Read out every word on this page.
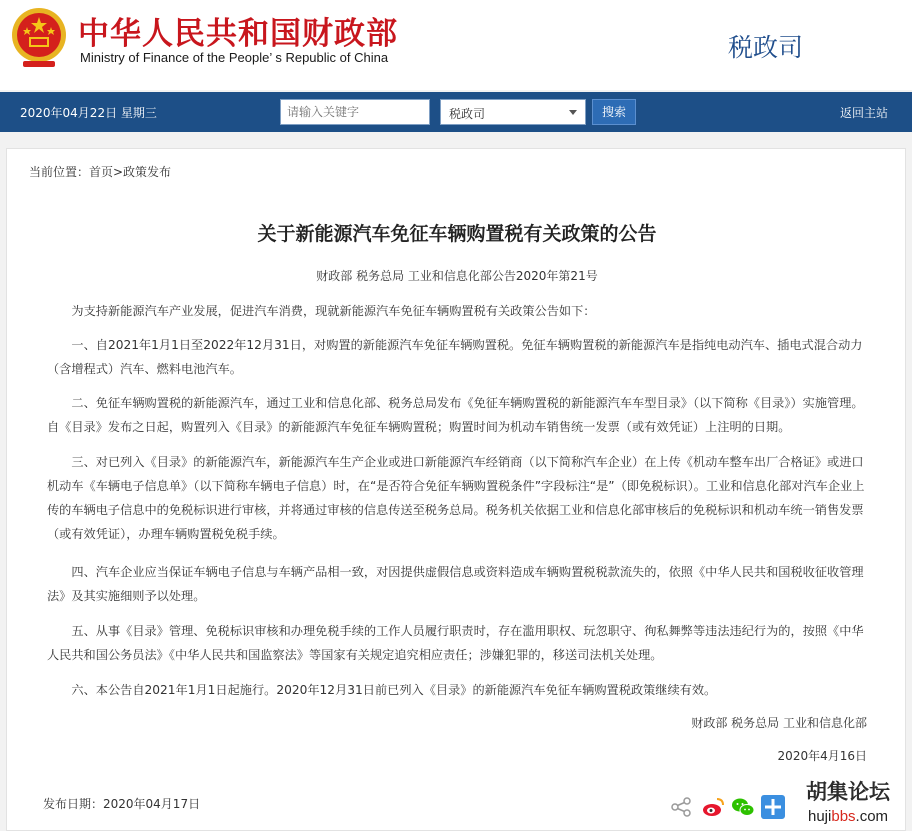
中华人民共和国财政部
Ministry of Finance of the People’ s Republic of China	税政司
2020年04月22日 星期三
请输入关键字	税政司	搜索	返回主站
当前位置：首页>政策发布
关于新能源汽车免征车辆购置税有关政策的公告
财政部 税务总局 工业和信息化部公告2020年第21号

为支持新能源汽车产业发展，促进汽车消费，现就新能源汽车免征车辆购置税有关政策公告如下：

一、自2021年1月1日至2022年12月31日，对购置的新能源汽车免征车辆购置税。免征车辆购置税的新能源汽车是指纯电动汽车、插电式混合动力（含增程式）汽车、燃料电池汽车。

二、免征车辆购置税的新能源汽车，通过工业和信息化部、税务总局发布《免征车辆购置税的新能源汽车车型目录》（以下简称《目录》）实施管理。自《目录》发布之日起，购置列入《目录》的新能源汽车免征车辆购置税；购置时间为机动车销售统一发票（或有效凭证）上注明的日期。

三、对已列入《目录》的新能源汽车，新能源汽车生产企业或进口新能源汽车经销商（以下简称汽车企业）在上传《机动车整车出厂合格证》或进口机动车《车辆电子信息单》（以下简称车辆电子信息）时，在“是否符合免征车辆购置税条件”字段标注“是”（即免税标识）。工业和信息化部对汽车企业上传的车辆电子信息中的免税标识进行审核，并将通过审核的信息传送至税务总局。税务机关依据工业和信息化部审核后的免税标识和机动车统一销售发票（或有效凭证），办理车辆购置税免税手续。

四、汽车企业应当保证车辆电子信息与车辆产品相一致，对因提供虚假信息或资料造成车辆购置税税款流失的，依照《中华人民共和国税收征收管理法》及其实施细则予以处理。

五、从事《目录》管理、免税标识审核和办理免税手续的工作人员履行职责时，存在滥用职权、玩忽职守、徇私舞弊等违法违纪行为的，按照《中华人民共和国公务员法》《中华人民共和国监察法》等国家有关规定追究相应责任；涉嫌犯罪的，移送司法机关处理。

六、本公告自2021年1月1日起施行。2020年12月31日前已列入《目录》的新能源汽车免征车辆购置税政策继续有效。

财政部 税务总局 工业和信息化部
2020年4月16日
发布日期：2020年04月17日	胡集论坛
hujibbs.com
